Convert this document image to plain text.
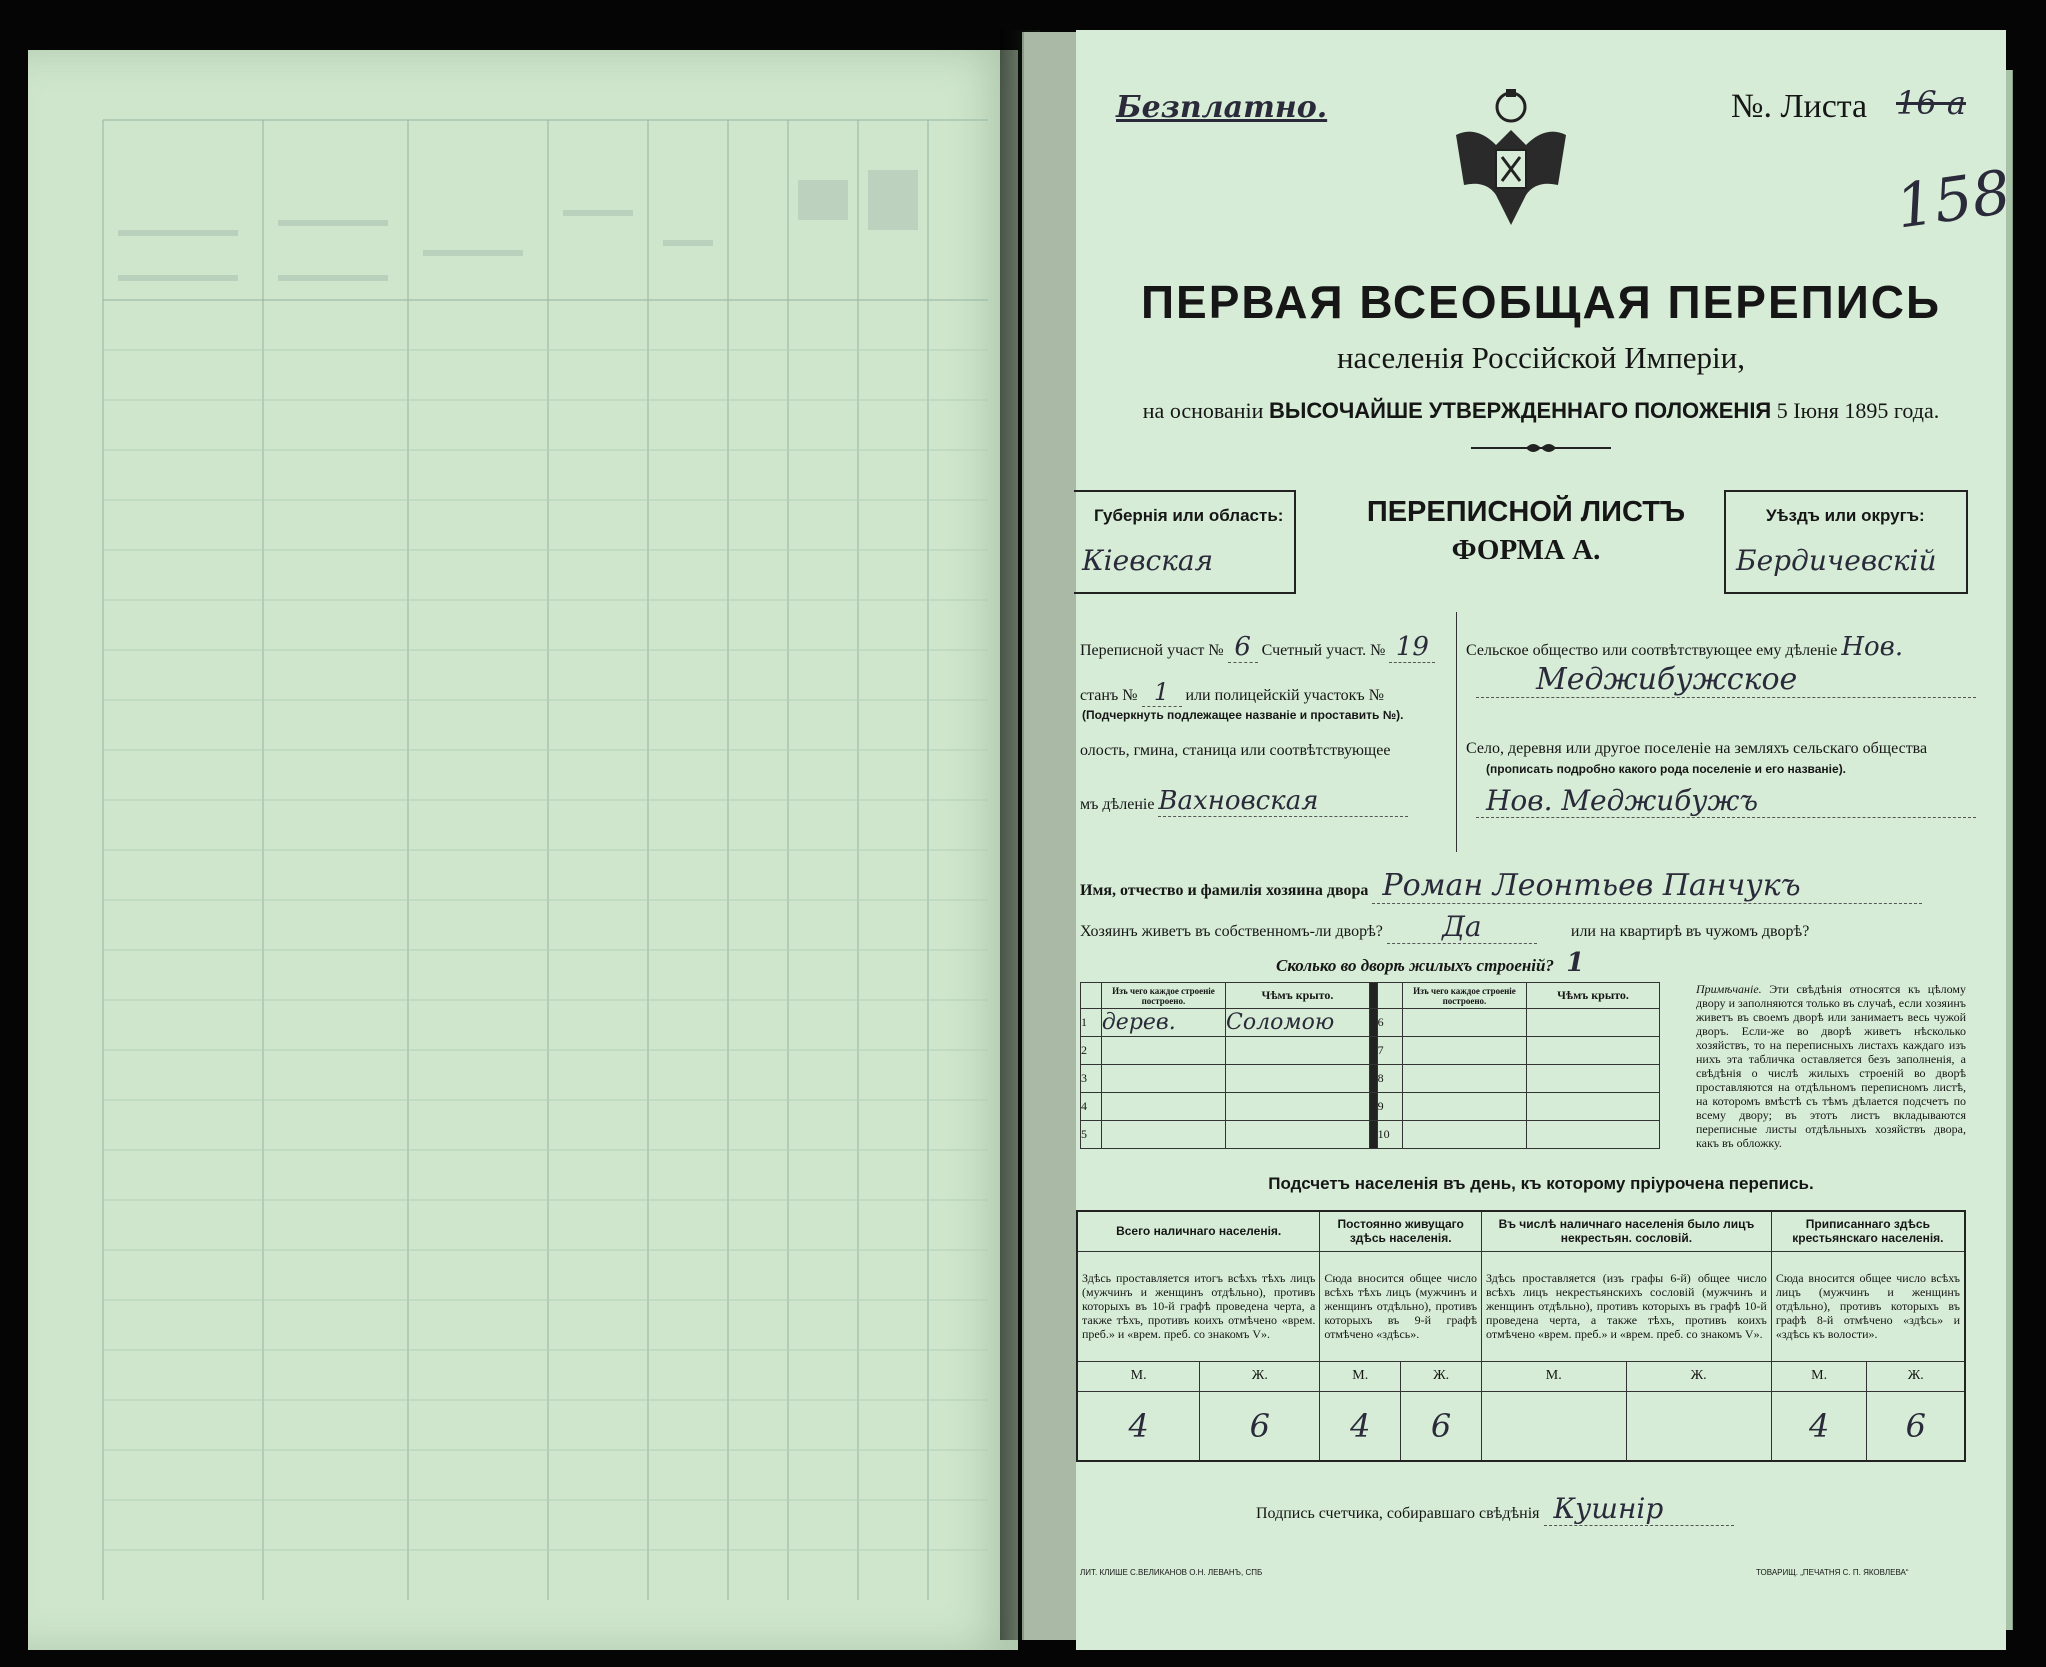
Безплатно.	№. Листа 16 а
158
ПЕРВАЯ ВСЕОБЩАЯ ПЕРЕПИСЬ
населенія Россійской Имперіи,
на основаніи ВЫСОЧАЙШЕ УТВЕРЖДЕННАГО ПОЛОЖЕНІЯ 5 Іюня 1895 года.
Губернія или область:
Кіевская
ПЕРЕПИСНОЙ ЛИСТЪ
ФОРМА А.
Уѣздъ или округъ:
Бердичевскій
Переписной участ № 6 Счетный участ. № 19
станъ № 1 или полицейскій участокъ №
(Подчеркнуть подлежащее названіе и проставить №).
олость, гмина, станица или соотвѣтствующее
мъ дѣленіе Вахновская
Сельское общество или соотвѣтствующее ему дѣленіе Нов.
Меджибужское
Село, деревня или другое поселеніе на земляхъ сельскаго общества
(прописать подробно какого рода поселеніе и его названіе).
Нов. Меджибужъ
Имя, отчество и фамилія хозяина двора Роман Леонтьев Панчукъ
Хозяинъ живетъ въ собственномъ-ли дворѣ? Да	или на квартирѣ въ чужомъ дворѣ?
Сколько во дворѣ жилыхъ строеній? 1
	Изъ чего каждое строеніе построено.	Чѣмъ крыто.			Изъ чего каждое строеніе построено.	Чѣмъ крыто.
1	дерев.	Соломою		6		
2				7		
3				8		
4				9		
5				10		
Примѣчаніе. Эти свѣдѣнія относятся къ цѣлому двору и заполняются только въ случаѣ, если хозяинъ живетъ въ своемъ дворѣ или занимаетъ весь чужой дворъ. Если-же во дворѣ живетъ нѣсколько хозяйствъ, то на переписныхъ листахъ каждаго изъ нихъ эта табличка оставляется безъ заполненія, а свѣдѣнія о числѣ жилыхъ строеній во дворѣ проставляются на отдѣльномъ переписномъ листѣ, на которомъ вмѣстѣ съ тѣмъ дѣлается подсчетъ по всему двору; въ этотъ листъ вкладываются переписные листы отдѣльныхъ хозяйствъ двора, какъ въ обложку.
Подсчетъ населенія въ день, къ которому пріурочена перепись.
Всего наличнаго населенія.		Постоянно живущаго здѣсь населенія.		Въ числѣ наличнаго населенія было лицъ некрестьян. сословій.		Приписаннаго здѣсь крестьянскаго населенія.	
Здѣсь проставляется итогъ всѣхъ тѣхъ лицъ (мужчинъ и женщинъ отдѣльно), противъ которыхъ въ 10-й графѣ проведена черта, а также тѣхъ, противъ коихъ отмѣчено «врем. преб.» и «врем. преб. со знакомъ V».		Сюда вносится общее число всѣхъ тѣхъ лицъ (мужчинъ и женщинъ отдѣльно), противъ которыхъ въ 9-й графѣ отмѣчено «здѣсь».		Здѣсь проставляется (изъ графы 6-й) общее число всѣхъ лицъ некрестьянскихъ сословій (мужчинъ и женщинъ отдѣльно), противъ которыхъ въ графѣ 10-й проведена черта, а также тѣхъ, противъ коихъ отмѣчено «врем. преб.» и «врем. преб. со знакомъ V».		Сюда вносится общее число всѣхъ лицъ (мужчинъ и женщинъ отдѣльно), противъ которыхъ въ графѣ 8-й отмѣчено «здѣсь» и «здѣсь къ волости».	
М.	Ж.	М.	Ж.	М.	Ж.	М.	Ж.
4	6	4	6			4	6
Подпись счетчика, собиравшаго свѣдѣнія Кушнір
ЛИТ. КЛИШЕ С.ВЕЛИКАНОВ О.Н. ЛЕВАНЪ, СПБ	ТОВАРИЩ. „ПЕЧАТНЯ С. П. ЯКОВЛЕВА“
